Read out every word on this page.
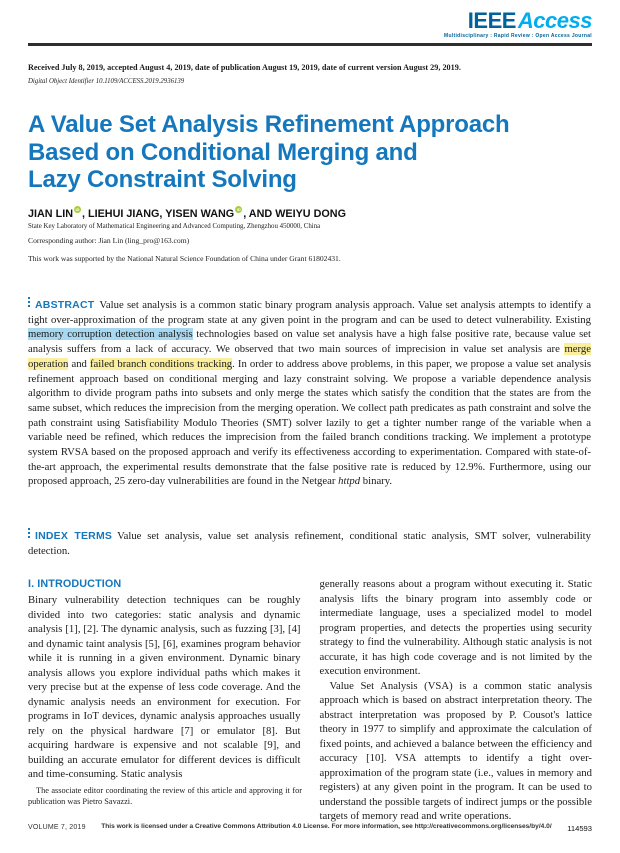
IEEEAccess
Multidisciplinary : Rapid Review : Open Access Journal
Received July 8, 2019, accepted August 4, 2019, date of publication August 19, 2019, date of current version August 29, 2019.
Digital Object Identifier 10.1109/ACCESS.2019.2936139
A Value Set Analysis Refinement Approach
Based on Conditional Merging and
Lazy Constraint Solving
JIAN LIN iD , LIEHUI JIANG, YISEN WANG iD , AND WEIYU DONG
State Key Laboratory of Mathematical Engineering and Advanced Computing, Zhengzhou 450000, China
Corresponding author: Jian Lin (ling_pro@163.com)
This work was supported by the National Natural Science Foundation of China under Grant 61802431.

ABSTRACT Value set analysis is a common static binary program analysis approach. Value set analysis attempts to identify a tight over-approximation of the program state at any given point in the program and can be used to detect vulnerability. Existing memory corruption detection analysis technologies based on value set analysis have a high false positive rate, because value set analysis suffers from a lack of accuracy. We observed that two main sources of imprecision in value set analysis are merge operation and failed branch conditions tracking. In order to address above problems, in this paper, we propose a value set analysis refinement approach based on conditional merging and lazy constraint solving. We propose a variable dependence analysis algorithm to divide program paths into subsets and only merge the states which satisfy the condition that the states are from the same subset, which reduces the imprecision from the merging operation. We collect path predicates as path constraint and solve the path constraint using Satisfiability Modulo Theories (SMT) solver lazily to get a tighter number range of the variable when a variable need be refined, which reduces the imprecision from the failed branch conditions tracking. We implement a prototype system RVSA based on the proposed approach and verify its effectiveness according to experimentation. Compared with state-of-the-art approach, the experimental results demonstrate that the false positive rate is reduced by 12.9%. Furthermore, using our proposed approach, 25 zero-day vulnerabilities are found in the Netgear httpd binary.

INDEX TERMS Value set analysis, value set analysis refinement, conditional static analysis, SMT solver, vulnerability detection.

I. INTRODUCTION

Binary vulnerability detection techniques can be roughly divided into two categories: static analysis and dynamic analysis [1], [2]. The dynamic analysis, such as fuzzing [3], [4] and dynamic taint analysis [5], [6], examines program behavior while it is running in a given environment. Dynamic binary analysis allows you explore individual paths which makes it very precise but at the expense of less code coverage. And the dynamic analysis needs an environment for execution. For programs in IoT devices, dynamic analysis approaches usually rely on the physical hardware [7] or emulator [8]. But acquiring hardware is expensive and not scalable [9], and building an accurate emulator for different devices is difficult and time-consuming. Static analysis

generally reasons about a program without executing it. Static analysis lifts the binary program into assembly code or intermediate language, uses a specialized model to model program properties, and detects the properties using security strategy to find the vulnerability. Although static analysis is not accurate, it has high code coverage and is not limited by the execution environment.

Value Set Analysis (VSA) is a common static analysis approach which is based on abstract interpretation theory. The abstract interpretation was proposed by P. Cousot's lattice theory in 1977 to simplify and approximate the calculation of fixed points, and achieved a balance between the efficiency and accuracy [10]. VSA attempts to identify a tight over-approximation of the program state (i.e., values in memory and registers) at any given point in the program. It can be used to understand the possible targets of indirect jumps or the possible targets of memory read and write operations.

The associate editor coordinating the review of this article and approving it for publication was Pietro Savazzi.
VOLUME 7, 2019	This work is licensed under a Creative Commons Attribution 4.0 License. For more information, see http://creativecommons.org/licenses/by/4.0/	114593
